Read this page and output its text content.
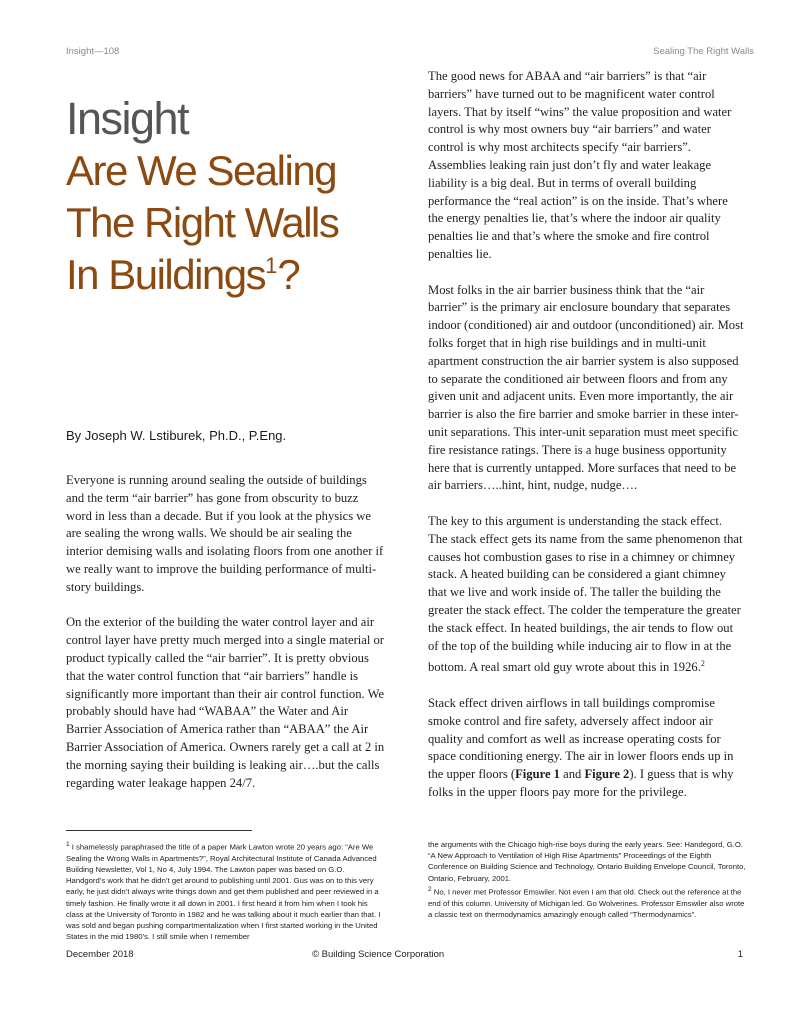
Insight—108	Sealing The Right Walls
Insight
Are We Sealing
The Right Walls
In Buildings$^1$?
By Joseph W. Lstiburek, Ph.D., P.Eng.

Everyone is running around sealing the outside of buildings and the term “air barrier” has gone from obscurity to buzz word in less than a decade. But if you look at the physics we are sealing the wrong walls. We should be air sealing the interior demising walls and isolating floors from one another if we really want to improve the building performance of multi-story buildings.

On the exterior of the building the water control layer and air control layer have pretty much merged into a single material or product typically called the “air barrier”. It is pretty obvious that the water control function that “air barriers” handle is significantly more important than their air control function. We probably should have had “WABAA” the Water and Air Barrier Association of America rather than “ABAA” the Air Barrier Association of America. Owners rarely get a call at 2 in the morning saying their building is leaking air….but the calls regarding water leakage happen 24/7.

The good news for ABAA and “air barriers” is that “air barriers” have turned out to be magnificent water control layers. That by itself “wins” the value proposition and water control is why most owners buy “air barriers” and water control is why most architects specify “air barriers”. Assemblies leaking rain just don’t fly and water leakage liability is a big deal. But in terms of overall building performance the “real action” is on the inside. That’s where the energy penalties lie, that’s where the indoor air quality penalties lie and that’s where the smoke and fire control penalties lie.

Most folks in the air barrier business think that the “air barrier” is the primary air enclosure boundary that separates indoor (conditioned) air and outdoor (unconditioned) air. Most folks forget that in high rise buildings and in multi-unit apartment construction the air barrier system is also supposed to separate the conditioned air between floors and from any given unit and adjacent units. Even more importantly, the air barrier is also the fire barrier and smoke barrier in these inter-unit separations. This inter-unit separation must meet specific fire resistance ratings. There is a huge business opportunity here that is currently untapped. More surfaces that need to be air barriers…..hint, hint, nudge, nudge….

The key to this argument is understanding the stack effect. The stack effect gets its name from the same phenomenon that causes hot combustion gases to rise in a chimney or chimney stack. A heated building can be considered a giant chimney that we live and work inside of. The taller the building the greater the stack effect. The colder the temperature the greater the stack effect. In heated buildings, the air tends to flow out of the top of the building while inducing air to flow in at the bottom. A real smart old guy wrote about this in 1926.$^2$

Stack effect driven airflows in tall buildings compromise smoke control and fire safety, adversely affect indoor air quality and comfort as well as increase operating costs for space conditioning energy. The air in lower floors ends up in the upper floors (Figure 1 and Figure 2). I guess that is why folks in the upper floors pay more for the privilege.

$^1$ I shamelessly paraphrased the title of a paper Mark Lawton wrote 20 years ago: “Are We Sealing the Wrong Walls in Apartments?”, Royal Architectural Institute of Canada Advanced Building Newsletter, Vol 1, No 4, July 1994. The Lawton paper was based on G.O. Handgord’s work that he didn’t get around to publishing until 2001. Gus was on to this very early, he just didn’t always write things down and get them published and peer reviewed in a timely fashion. He finally wrote it all down in 2001. I first heard it from him when I took his class at the University of Toronto in 1982 and he was talking about it much earlier than that. I was sold and began pushing compartmentalization when I first started working in the United States in the mid 1980’s. I still smile when I remember
the arguments with the Chicago high-rise boys during the early years. See: Handegord, G.O. “A New Approach to Ventilation of High Rise Apartments” Proceedings of the Eighth Conference on Building Science and Technology, Ontario Building Envelope Council, Toronto, Ontario, February, 2001.
$^2$ No, I never met Professor Emswiler. Not even I am that old. Check out the reference at the end of this column. University of Michigan led. Go Wolverines. Professor Emswiler also wrote a classic text on thermodynamics amazingly enough called “Thermodynamics”.
December 2018	© Building Science Corporation	1
